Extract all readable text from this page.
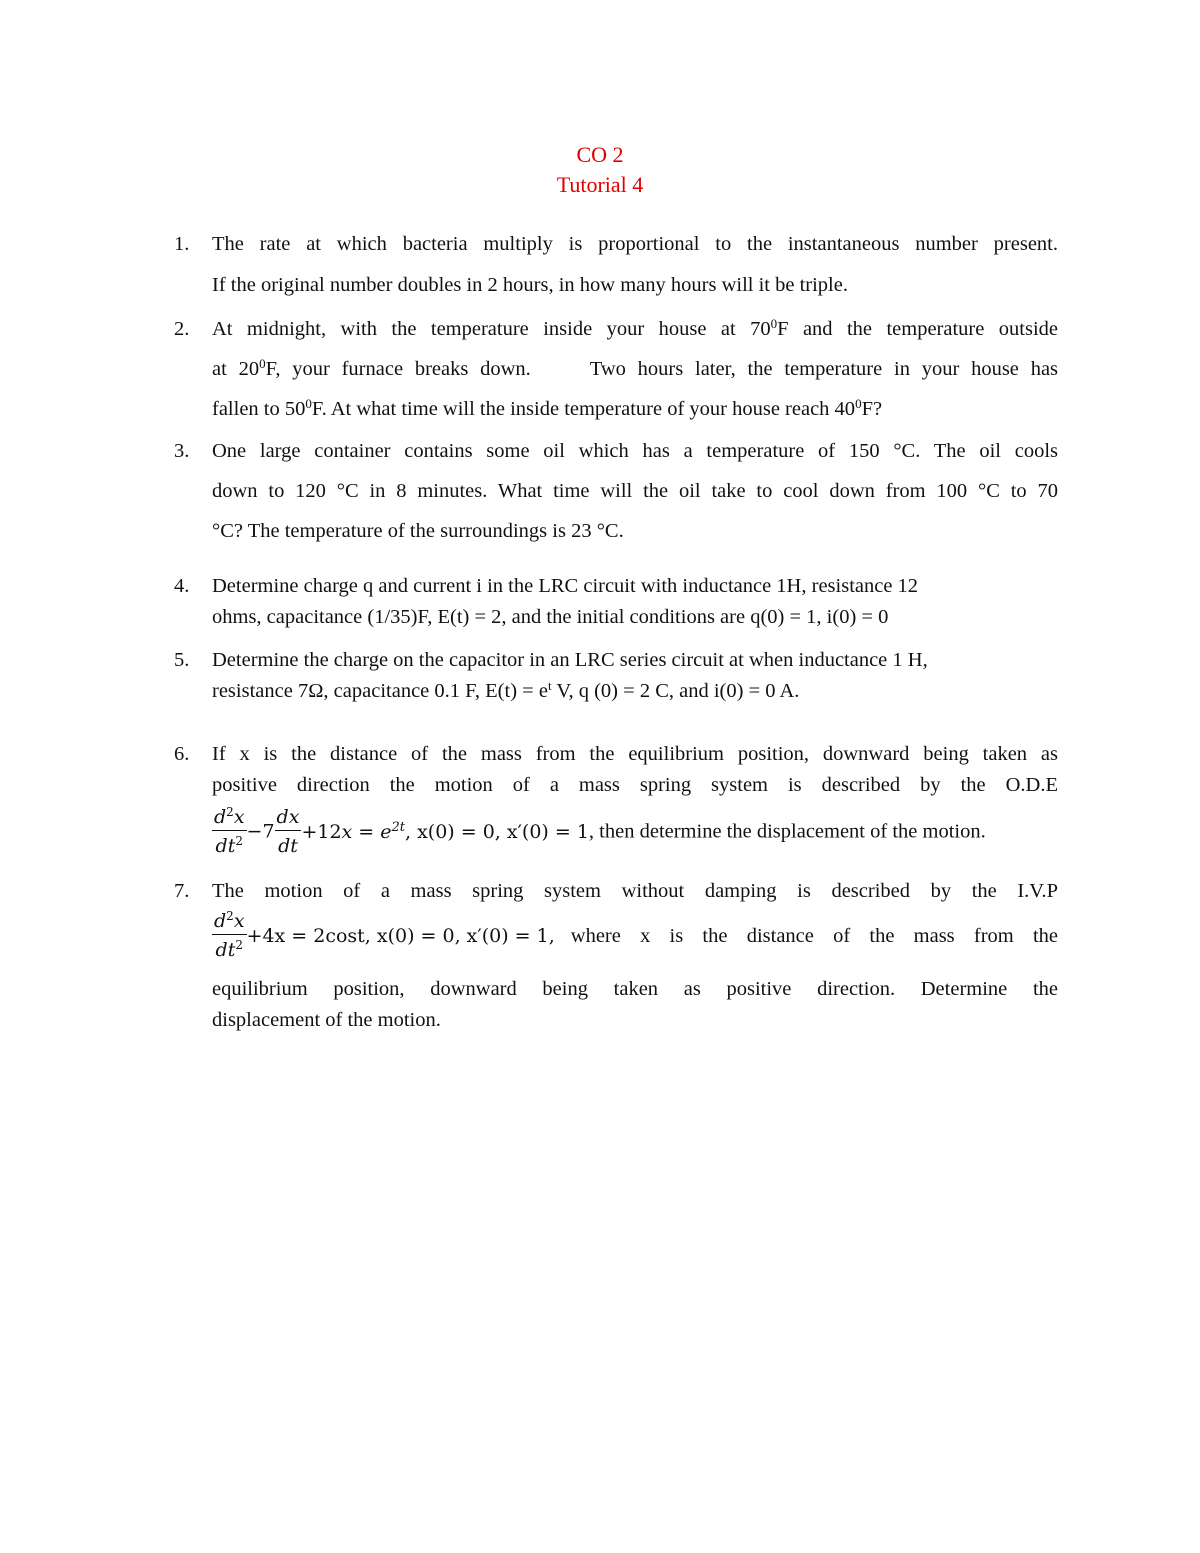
CO 2
Tutorial 4
1. The rate at which bacteria multiply is proportional to the instantaneous number present.

If the original number doubles in 2 hours, in how many hours will it be triple.

2. At midnight, with the temperature inside your house at $70^0F$ and the temperature outside

at $20^0F$, your furnace breaks down.	Two hours later, the temperature in your house has

fallen to $50^0F$. At what time will the inside temperature of your house reach $40^0F$?

3. One large container contains some oil which has a temperature of 150 °C. The oil cools

down to 120 °C in 8 minutes. What time will the oil take to cool down from 100 °C to 70

°C? The temperature of the surroundings is 23 °C.

4. Determine charge q and current i in the LRC circuit with inductance 1H, resistance 12
ohms, capacitance (1/35)F, E(t) = 2, and the initial conditions are q(0) = 1, i(0) = 0
5. Determine the charge on the capacitor in an LRC series circuit at when inductance 1 H,
resistance 7Ω, capacitance 0.1 F, $E(t) = e^t$ V, q (0) = 2 C, and i(0) = 0 A.
6. If x is the distance of the mass from the equilibrium position, downward being taken as

positive direction the motion of a mass spring system is described by the O.D.E

$\frac{d^2x}{dt^2} -7 \frac{dx}{dt} +12x = e^{2t}$, x(0) = 0, x′(0) = 1, then determine the displacement of the motion.
7. The motion of a mass spring system without damping is described by the I.V.P

$\frac{d^2x}{dt^2} +4x = 2\cos t$, x(0) = 0, x′(0) = 1, where x is the distance of the mass from the

equilibrium position, downward being taken as positive direction. Determine the

displacement of the motion.
